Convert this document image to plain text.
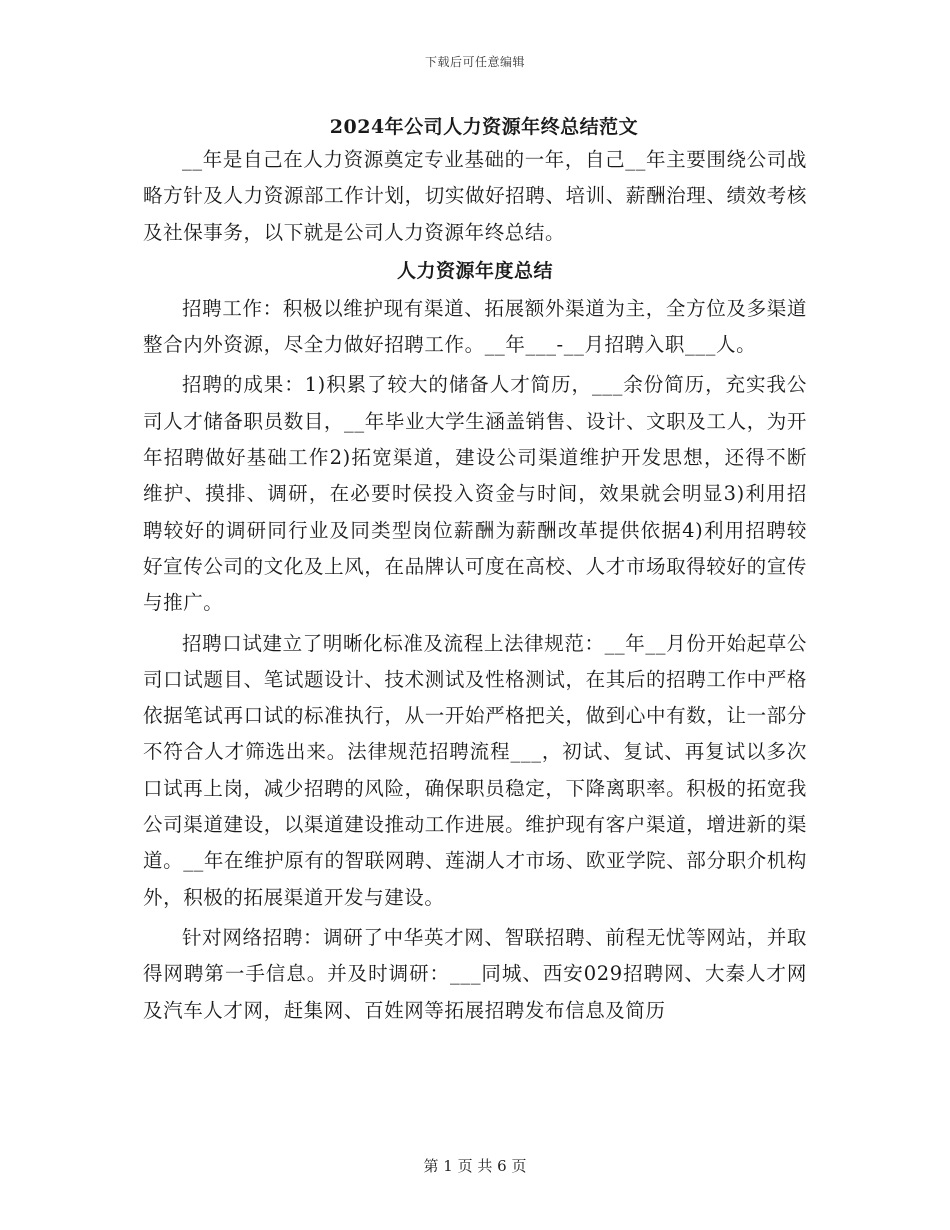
下载后可任意编辑
2024年公司人力资源年终总结范文

__年是自己在人力资源奠定专业基础的一年，自己__年主要围绕公司战略方针及人力资源部工作计划，切实做好招聘、培训、薪酬治理、绩效考核及社保事务，以下就是公司人力资源年终总结。

人力资源年度总结

招聘工作：积极以维护现有渠道、拓展额外渠道为主，全方位及多渠道整合内外资源，尽全力做好招聘工作。__年___-__月招聘入职___人。

招聘的成果：1)积累了较大的储备人才简历，___余份简历，充实我公司人才储备职员数目，__年毕业大学生涵盖销售、设计、文职及工人，为开年招聘做好基础工作2)拓宽渠道，建设公司渠道维护开发思想，还得不断维护、摸排、调研，在必要时侯投入资金与时间，效果就会明显3)利用招聘较好的调研同行业及同类型岗位薪酬为薪酬改革提供依据4)利用招聘较好宣传公司的文化及上风，在品牌认可度在高校、人才市场取得较好的宣传与推广。

招聘口试建立了明晰化标准及流程上法律规范：__年__月份开始起草公司口试题目、笔试题设计、技术测试及性格测试，在其后的招聘工作中严格依据笔试再口试的标准执行，从一开始严格把关，做到心中有数，让一部分不符合人才筛选出来。法律规范招聘流程___，初试、复试、再复试以多次口试再上岗，减少招聘的风险，确保职员稳定，下降离职率。积极的拓宽我公司渠道建设，以渠道建设推动工作进展。维护现有客户渠道，增进新的渠道。__年在维护原有的智联网聘、莲湖人才市场、欧亚学院、部分职介机构外，积极的拓展渠道开发与建设。

针对网络招聘：调研了中华英才网、智联招聘、前程无忧等网站，并取得网聘第一手信息。并及时调研：___同城、西安029招聘网、大秦人才网及汽车人才网，赶集网、百姓网等拓展招聘发布信息及简历

第 1 页 共 6 页
